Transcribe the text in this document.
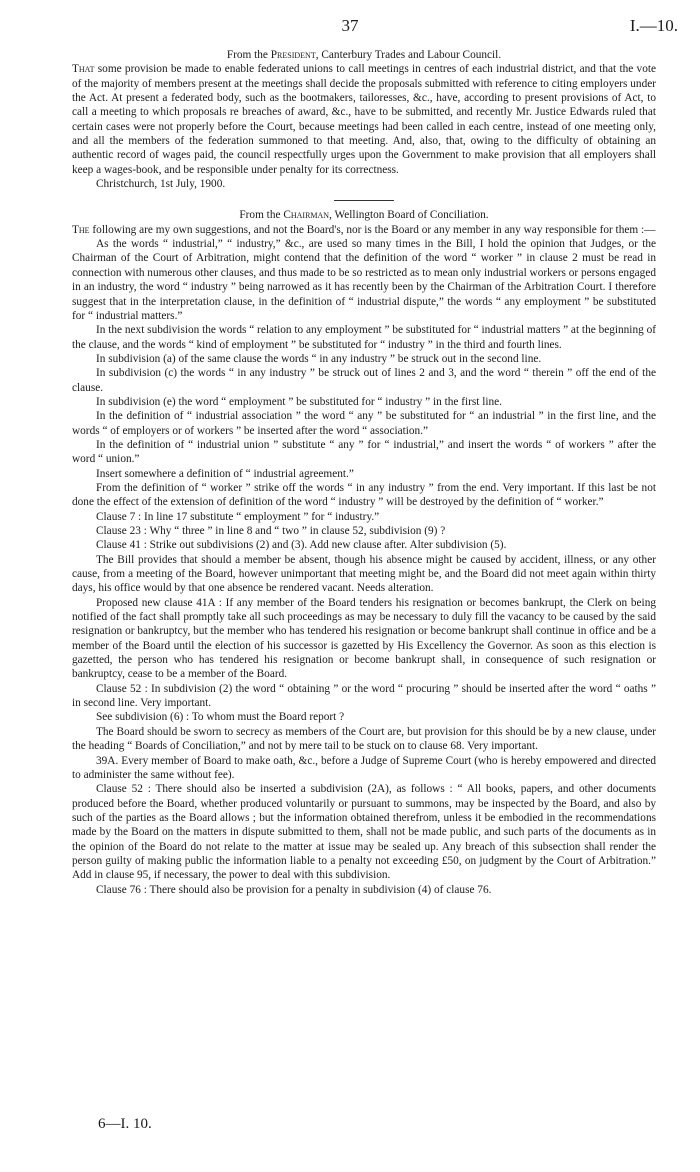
37	I.—10.

From the President, Canterbury Trades and Labour Council.

That some provision be made to enable federated unions to call meetings in centres of each industrial district, and that the vote of the majority of members present at the meetings shall decide the proposals submitted with reference to citing employers under the Act. At present a federated body, such as the bootmakers, tailoresses, &c., have, according to present provisions of Act, to call a meeting to which proposals re breaches of award, &c., have to be submitted, and recently Mr. Justice Edwards ruled that certain cases were not properly before the Court, because meetings had been called in each centre, instead of one meeting only, and all the members of the federation summoned to that meeting. And, also, that, owing to the difficulty of obtaining an authentic record of wages paid, the council respectfully urges upon the Government to make provision that all employers shall keep a wages-book, and be responsible under penalty for its correctness.

Christchurch, 1st July, 1900.

From the Chairman, Wellington Board of Conciliation.

The following are my own suggestions, and not the Board's, nor is the Board or any member in any way responsible for them :—

As the words “ industrial,” “ industry,” &c., are used so many times in the Bill, I hold the opinion that Judges, or the Chairman of the Court of Arbitration, might contend that the definition of the word “ worker ” in clause 2 must be read in connection with numerous other clauses, and thus made to be so restricted as to mean only industrial workers or persons engaged in an industry, the word “ industry ” being narrowed as it has recently been by the Chairman of the Arbitration Court. I therefore suggest that in the interpretation clause, in the definition of “ industrial dispute,” the words “ any employment ” be substituted for “ industrial matters.”

In the next subdivision the words “ relation to any employment ” be substituted for “ industrial matters ” at the beginning of the clause, and the words “ kind of employment ” be substituted for “ industry ” in the third and fourth lines.

In subdivision (a) of the same clause the words “ in any industry ” be struck out in the second line.

In subdivision (c) the words “ in any industry ” be struck out of lines 2 and 3, and the word “ therein ” off the end of the clause.

In subdivision (e) the word “ employment ” be substituted for “ industry ” in the first line.

In the definition of “ industrial association ” the word “ any ” be substituted for “ an industrial ” in the first line, and the words “ of employers or of workers ” be inserted after the word “ association.”

In the definition of “ industrial union ” substitute “ any ” for “ industrial,” and insert the words “ of workers ” after the word “ union.”

Insert somewhere a definition of “ industrial agreement.”

From the definition of “ worker ” strike off the words “ in any industry ” from the end. Very important. If this last be not done the effect of the extension of definition of the word “ industry ” will be destroyed by the definition of “ worker.”

Clause 7 : In line 17 substitute “ employment ” for “ industry.”

Clause 23 : Why “ three ” in line 8 and “ two ” in clause 52, subdivision (9) ?

Clause 41 : Strike out subdivisions (2) and (3). Add new clause after. Alter subdivision (5).

The Bill provides that should a member be absent, though his absence might be caused by accident, illness, or any other cause, from a meeting of the Board, however unimportant that meeting might be, and the Board did not meet again within thirty days, his office would by that one absence be rendered vacant. Needs alteration.

Proposed new clause 41A : If any member of the Board tenders his resignation or becomes bankrupt, the Clerk on being notified of the fact shall promptly take all such proceedings as may be necessary to duly fill the vacancy to be caused by the said resignation or bankruptcy, but the member who has tendered his resignation or become bankrupt shall continue in office and be a member of the Board until the election of his successor is gazetted by His Excellency the Governor. As soon as this election is gazetted, the person who has tendered his resignation or become bankrupt shall, in consequence of such resignation or bankruptcy, cease to be a member of the Board.

Clause 52 : In subdivision (2) the word “ obtaining ” or the word “ procuring ” should be inserted after the word “ oaths ” in second line. Very important.

See subdivision (6) : To whom must the Board report ?

The Board should be sworn to secrecy as members of the Court are, but provision for this should be by a new clause, under the heading “ Boards of Conciliation,” and not by mere tail to be stuck on to clause 68. Very important.

39A. Every member of Board to make oath, &c., before a Judge of Supreme Court (who is hereby empowered and directed to administer the same without fee).

Clause 52 : There should also be inserted a subdivision (2A), as follows : “ All books, papers, and other documents produced before the Board, whether produced voluntarily or pursuant to summons, may be inspected by the Board, and also by such of the parties as the Board allows ; but the information obtained therefrom, unless it be embodied in the recommendations made by the Board on the matters in dispute submitted to them, shall not be made public, and such parts of the documents as in the opinion of the Board do not relate to the matter at issue may be sealed up. Any breach of this subsection shall render the person guilty of making public the information liable to a penalty not exceeding £50, on judgment by the Court of Arbitration.” Add in clause 95, if necessary, the power to deal with this subdivision.

Clause 76 : There should also be provision for a penalty in subdivision (4) of clause 76.

6—I. 10.
